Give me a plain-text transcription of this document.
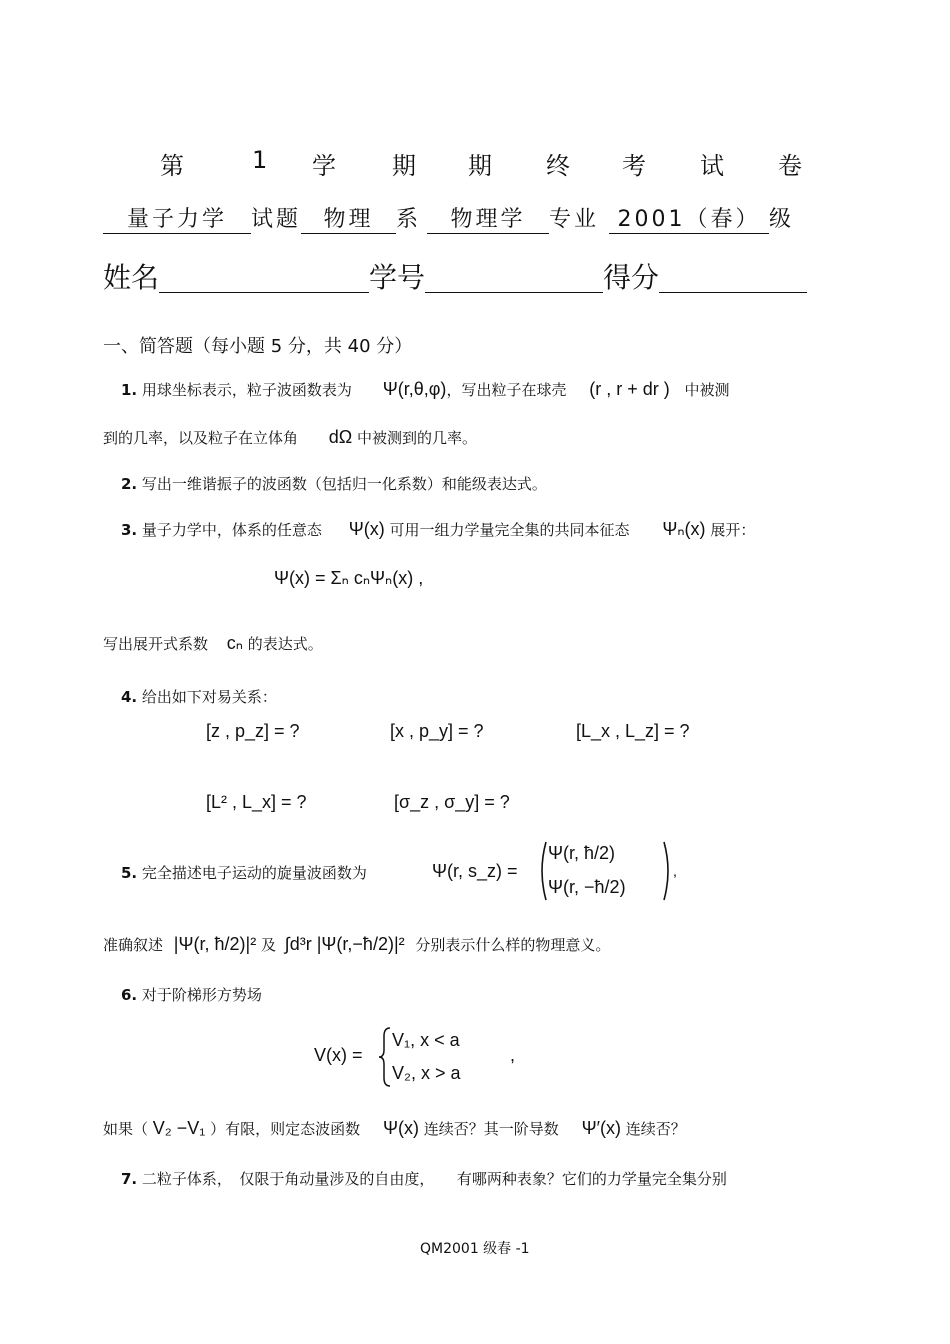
第	1 学 期 期 终 考 试 卷
量子力学 试题 物理 系 物理学 专业 2001（春） 级
姓名	学号	得分
一、简答题（每小题 5 分，共 40 分）
1. 用球坐标表示，粒子波函数表为 Ψ(r,θ,φ)，写出粒子在球壳 (r , r + dr ) 中被测
到的几率，以及粒子在立体角 dΩ 中被测到的几率。
2. 写出一维谐振子的波函数（包括归一化系数）和能级表达式。
3. 量子力学中，体系的任意态 Ψ(x) 可用一组力学量完全集的共同本征态 Ψₙ(x) 展开：
Ψ(x) = Σₙ cₙΨₙ(x) ,
写出展开式系数 cₙ 的表达式。
4. 给出如下对易关系：
[z , p_z] = ?	[x , p_y] = ?	[L_x , L_z] = ?
[L² , L_x] = ?	[σ_z , σ_y] = ?
5. 完全描述电子运动的旋量波函数为	Ψ(r, s_z) =
Ψ(r, ħ/2)
Ψ(r, −ħ/2)
,
准确叙述 |Ψ(r, ħ/2)|² 及 ∫d³r |Ψ(r,−ħ/2)|² 分别表示什么样的物理意义。
6. 对于阶梯形方势场
V(x) =
V₁, x < a
V₂, x > a
,
如果（ V₂ −V₁ ）有限，则定态波函数 Ψ(x) 连续否？其一阶导数 Ψ′(x) 连续否？
7. 二粒子体系，　仅限于角动量涉及的自由度，　　有哪两种表象？它们的力学量完全集分别
QM2001 级春 -1
